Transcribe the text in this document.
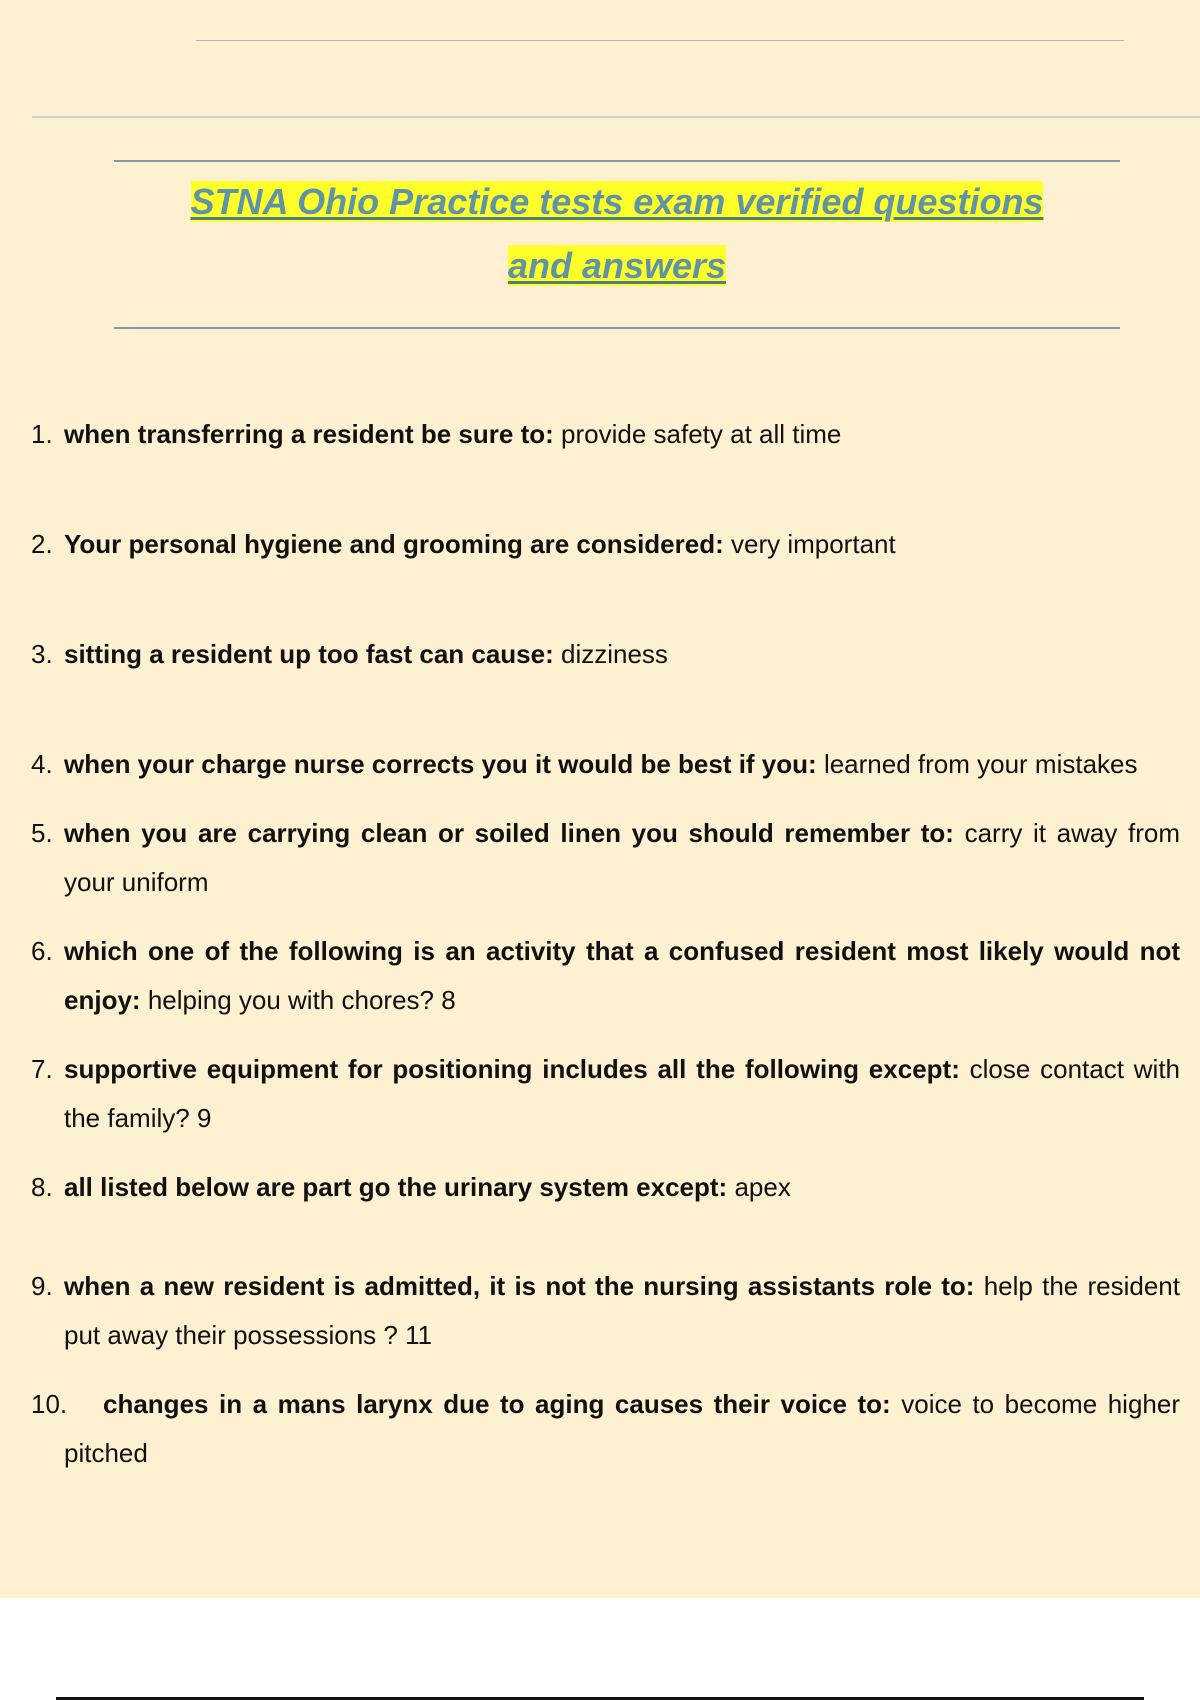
STNA Ohio Practice tests exam verified questions
and answers
1. when transferring a resident be sure to: provide safety at all time
2. Your personal hygiene and grooming are considered: very important
3. sitting a resident up too fast can cause: dizziness
4. when your charge nurse corrects you it would be best if you: learned from your mistakes
5. when you are carrying clean or soiled linen you should remember to: carry it away from your uniform
6. which one of the following is an activity that a confused resident most likely would not enjoy: helping you with chores? 8
7. supportive equipment for positioning includes all the following except: close contact with the family? 9
8. all listed below are part go the urinary system except: apex
9. when a new resident is admitted, it is not the nursing assistants role to: help the resident put away their possessions ? 11
10. changes in a mans larynx due to aging causes their voice to: voice to become higher pitched
